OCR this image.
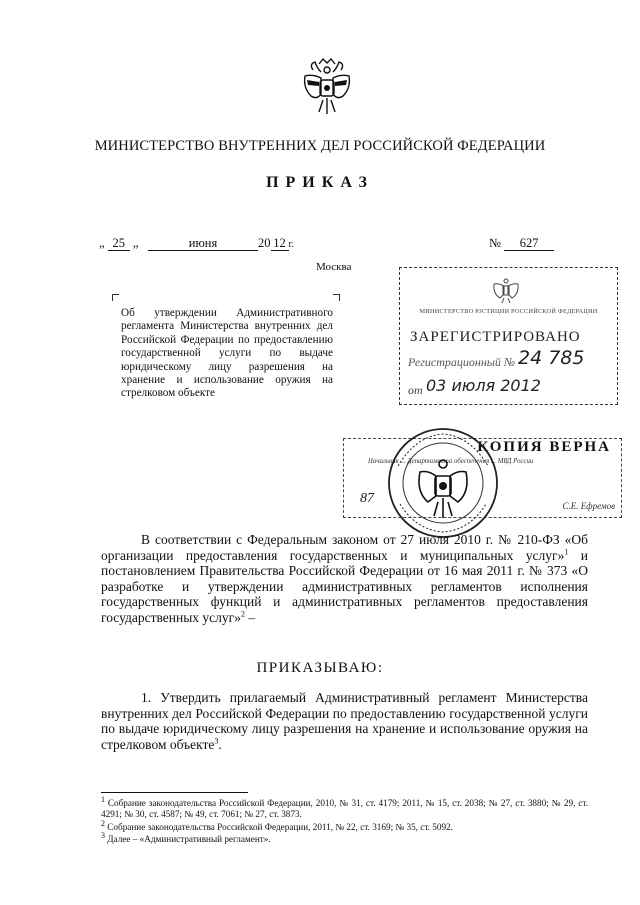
МИНИСТЕРСТВО ВНУТРЕННИХ ДЕЛ РОССИЙСКОЙ ФЕДЕРАЦИИ
ПРИКАЗ
„ 25 „	июня	20 12 г.	№ 627
Москва
Об утверждении Административного регламента Министерства внутренних дел Российской Федерации по предоставлению государственной услуги по выдаче юридическому лицу разрешения на хранение и использование оружия на стрелковом объекте
МИНИСТЕРСТВО ЮСТИЦИИ РОССИЙСКОЙ ФЕДЕРАЦИИ
ЗАРЕГИСТРИРОВАНО
Регистрационный № 24 785
от 03 июля 2012
КОПИЯ ВЕРНА
Начальник ... Департамента обеспечения ... МВД России
87	С.Е. Ефремов
В соответствии с Федеральным законом от 27 июля 2010 г. № 210-ФЗ «Об организации предоставления государственных и муниципальных услуг»$^1$ и постановлением Правительства Российской Федерации от 16 мая 2011 г. № 373 «О разработке и утверждении административных регламентов исполнения государственных функций и административных регламентов предоставления государственных услуг»$^2$ –
ПРИКАЗЫВАЮ:
1. Утвердить прилагаемый Административный регламент Министерства внутренних дел Российской Федерации по предоставлению государственной услуги по выдаче юридическому лицу разрешения на хранение и использование оружия на стрелковом объекте$^3$.
$^1$ Собрание законодательства Российской Федерации, 2010, № 31, ст. 4179; 2011, № 15, ст. 2038; № 27, ст. 3880; № 29, ст. 4291; № 30, ст. 4587; № 49, ст. 7061; № 27, ст. 3873.
$^2$ Собрание законодательства Российской Федерации, 2011, № 22, ст. 3169; № 35, ст. 5092.
$^3$ Далее – «Административный регламент».
